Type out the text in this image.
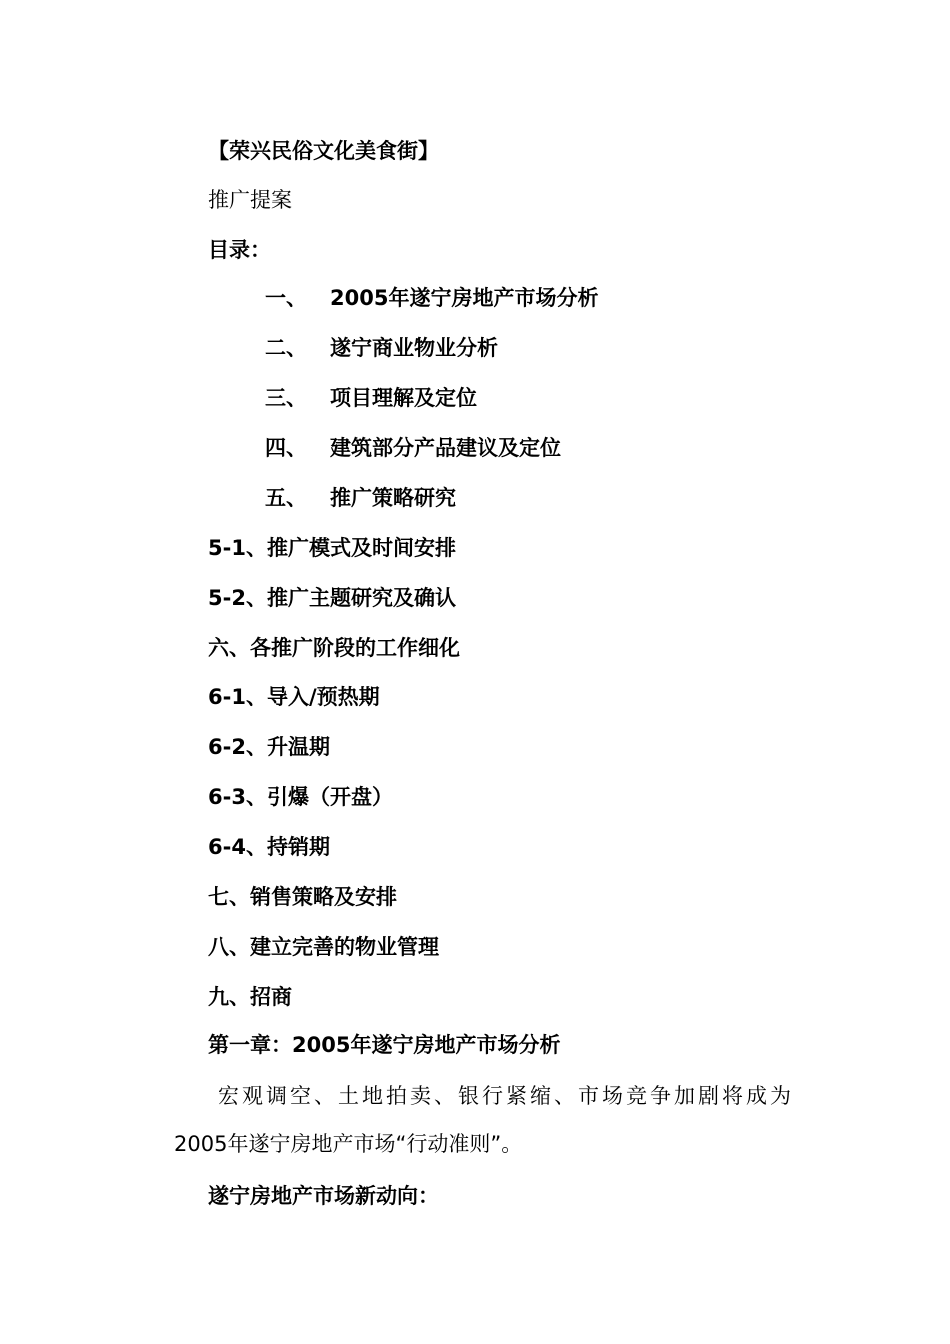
【荣兴民俗文化美食街】
推广提案
目录：
一、 2005年遂宁房地产市场分析
二、 遂宁商业物业分析
三、 项目理解及定位
四、 建筑部分产品建议及定位
五、 推广策略研究
5-1、推广模式及时间安排
5-2、推广主题研究及确认
六、各推广阶段的工作细化
6-1、导入/预热期
6-2、升温期
6-3、引爆（开盘）
6-4、持销期
七、销售策略及安排
八、建立完善的物业管理
九、招商
第一章：2005年遂宁房地产市场分析
宏观调空、土地拍卖、银行紧缩、市场竞争加剧将成为
2005年遂宁房地产市场“行动准则”。
遂宁房地产市场新动向：
